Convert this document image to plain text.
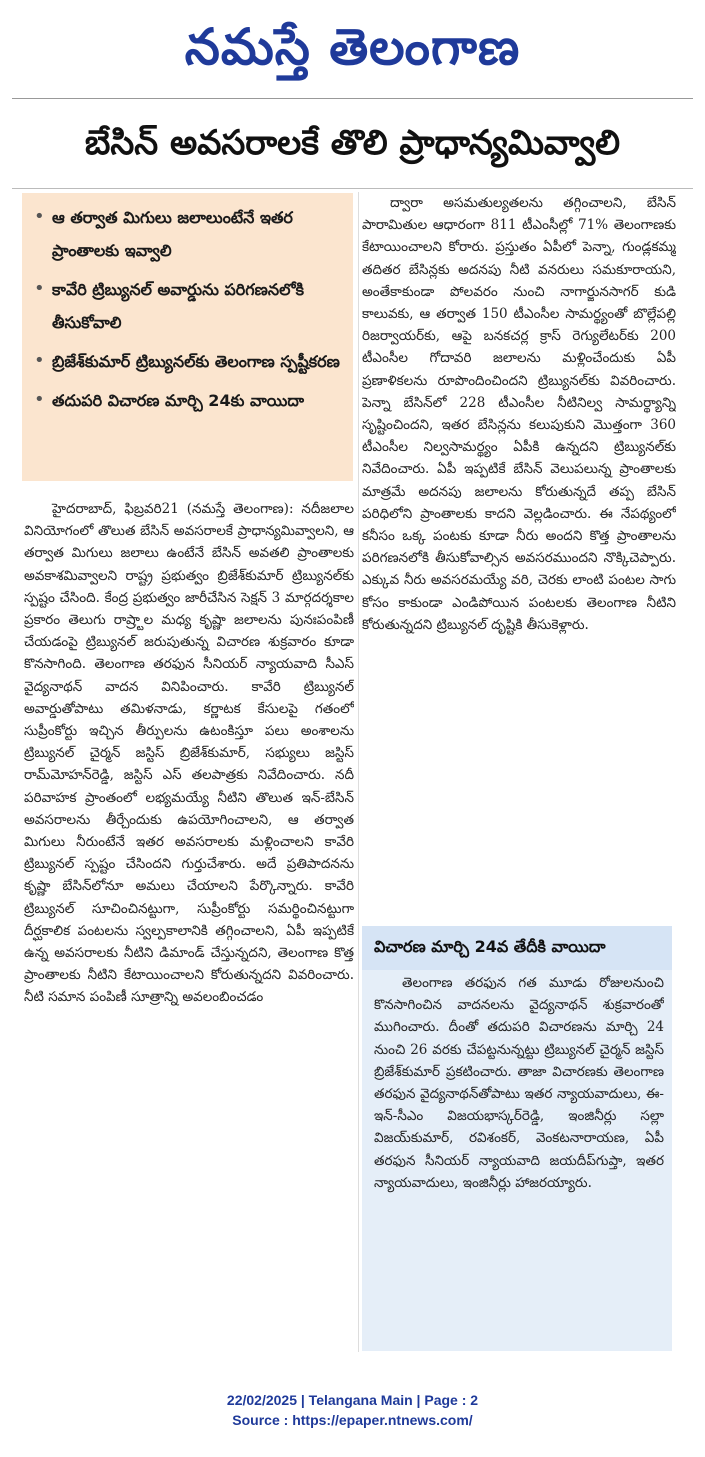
నమస్తే తెలంగాణ
బేసిన్ అవసరాలకే తొలి ప్రాధాన్యమివ్వాలి
• ఆ తర్వాత మిగులు జలాలుంటేనే ఇతర ప్రాంతాలకు ఇవ్వాలి
• కావేరి ట్రిబ్యునల్ అవార్డును పరిగణనలోకి తీసుకోవాలి
• బ్రిజేశ్‌కుమార్ ట్రిబ్యునల్‌కు తెలంగాణ స్పష్టీకరణ
• తదుపరి విచారణ మార్చి 24కు వాయిదా

హైదరాబాద్, ఫిబ్రవరి21 (నమస్తే తెలంగాణ): నదీజలాల వినియోగంలో తొలుత బేసిన్ అవసరాలకే ప్రాధాన్యమివ్వాలని, ఆ తర్వాత మిగులు జలాలు ఉంటేనే బేసిన్ అవతలి ప్రాంతాలకు అవకాశమివ్వాలని రాష్ట్ర ప్రభుత్వం బ్రిజేశ్‌కుమార్ ట్రిబ్యునల్‌కు స్పష్టం చేసింది. కేంద్ర ప్రభుత్వం జారీచేసిన సెక్షన్ 3 మార్గదర్శకాల ప్రకారం తెలుగు రాష్ర్టాల మధ్య కృష్ణా జలాలను పునఃపంపిణీ చేయడంపై ట్రిబ్యునల్ జరుపుతున్న విచారణ శుక్రవారం కూడా కొనసాగింది. తెలంగాణ తరఫున సీనియర్ న్యాయవాది సీఎస్ వైద్యనాథన్ వాదన వినిపించారు. కావేరి ట్రిబ్యునల్ అవార్డుతోపాటు తమిళనాడు, కర్ణాటక కేసులపై గతంలో సుప్రీంకోర్టు ఇచ్చిన తీర్పులను ఉటంకిస్తూ పలు అంశాలను ట్రిబ్యునల్ చైర్మన్ జస్టిస్ బ్రిజేశ్‌కుమార్, సభ్యులు జస్టిస్ రామ్‌మోహన్‌రెడ్డి, జస్టిస్ ఎస్ తలపాత్రకు నివేదించారు. నదీ పరివాహక ప్రాంతంలో లభ్యమయ్యే నీటిని తొలుత ఇన్-బేసిన్ అవసరాలను తీర్చేందుకు ఉపయోగించాలని, ఆ తర్వాత మిగులు నీరుంటేనే ఇతర అవసరాలకు మళ్లించాలని కావేరి ట్రిబ్యునల్ స్పష్టం చేసిందని గుర్తుచేశారు. అదే ప్రతిపాదనను కృష్ణా బేసిన్‌లోనూ అమలు చేయాలని పేర్కొన్నారు. కావేరి ట్రిబ్యునల్ సూచించినట్టుగా, సుప్రీంకోర్టు సమర్థించినట్టుగా దీర్ఘకాలిక పంటలను స్వల్పకాలానికి తగ్గించాలని, ఏపీ ఇప్పటికే ఉన్న అవసరాలకు నీటిని డిమాండ్ చేస్తున్నదని, తెలంగాణ కొత్త ప్రాంతాలకు నీటిని కేటాయించాలని కోరుతున్నదని వివరించారు. నీటి సమాన పంపిణీ సూత్రాన్ని అవలంబించడం

ద్వారా అసమతుల్యతలను తగ్గించాలని, బేసిన్ పారామితుల ఆధారంగా 811 టీఎంసీల్లో 71% తెలంగాణకు కేటాయించాలని కోరారు. ప్రస్తుతం ఏపీలో పెన్నా, గుండ్లకమ్మ తదితర బేసిన్లకు అదనపు నీటి వనరులు సమకూరాయని, అంతేకాకుండా పోలవరం నుంచి నాగార్జునసాగర్ కుడి కాలువకు, ఆ తర్వాత 150 టీఎంసీల సామర్థ్యంతో బొల్లేపల్లి రిజర్వాయర్‌కు, ఆపై బనకచర్ల క్రాస్ రెగ్యులేటర్‌కు 200 టీఎంసీల గోదావరి జలాలను మళ్లించేందుకు ఏపీ ప్రణాళికలను రూపొందించిందని ట్రిబ్యునల్‌కు వివరించారు. పెన్నా బేసిన్‌లో 228 టీఎంసీల నీటినిల్వ సామర్థ్యాన్ని సృష్టించిందని, ఇతర బేసిన్లను కలుపుకుని మొత్తంగా 360 టీఎంసీల నిల్వసామర్థ్యం ఏపీకి ఉన్నదని ట్రిబ్యునల్‌కు నివేదించారు. ఏపీ ఇప్పటికే బేసిన్ వెలుపలున్న ప్రాంతాలకు మాత్రమే అదనపు జలాలను కోరుతున్నదే తప్ప బేసిన్ పరిధిలోని ప్రాంతాలకు కాదని వెల్లడించారు. ఈ నేపథ్యంలో కనీసం ఒక్క పంటకు కూడా నీరు అందని కొత్త ప్రాంతాలను పరిగణనలోకి తీసుకోవాల్సిన అవసరముందని నొక్కిచెప్పారు. ఎక్కువ నీరు అవసరమయ్యే వరి, చెరకు లాంటి పంటల సాగు కోసం కాకుండా ఎండిపోయిన పంటలకు తెలంగాణ నీటిని కోరుతున్నదని ట్రిబ్యునల్ దృష్టికి తీసుకెళ్లారు.

విచారణ మార్చి 24వ తేదీకి వాయిదా

తెలంగాణ తరఫున గత మూడు రోజులనుంచి కొనసాగించిన వాదనలను వైద్యనాథన్ శుక్రవారంతో ముగించారు. దీంతో తదుపరి విచారణను మార్చి 24 నుంచి 26 వరకు చేపట్టనున్నట్టు ట్రిబ్యునల్ చైర్మన్ జస్టిస్ బ్రిజేశ్‌కుమార్ ప్రకటించారు. తాజా విచారణకు తెలంగాణ తరఫున వైద్యనాథన్‌తోపాటు ఇతర న్యాయవాదులు, ఈ-ఇన్-సీఎం విజయభాస్కర్‌రెడ్డి, ఇంజినీర్లు సల్లా విజయ్‌కుమార్, రవిశంకర్, వెంకటనారాయణ, ఏపీ తరఫున సీనియర్ న్యాయవాది జయదీప్‌గుప్తా, ఇతర న్యాయవాదులు, ఇంజినీర్లు హాజరయ్యారు.

22/02/2025 | Telangana Main | Page : 2
Source : https://epaper.ntnews.com/
